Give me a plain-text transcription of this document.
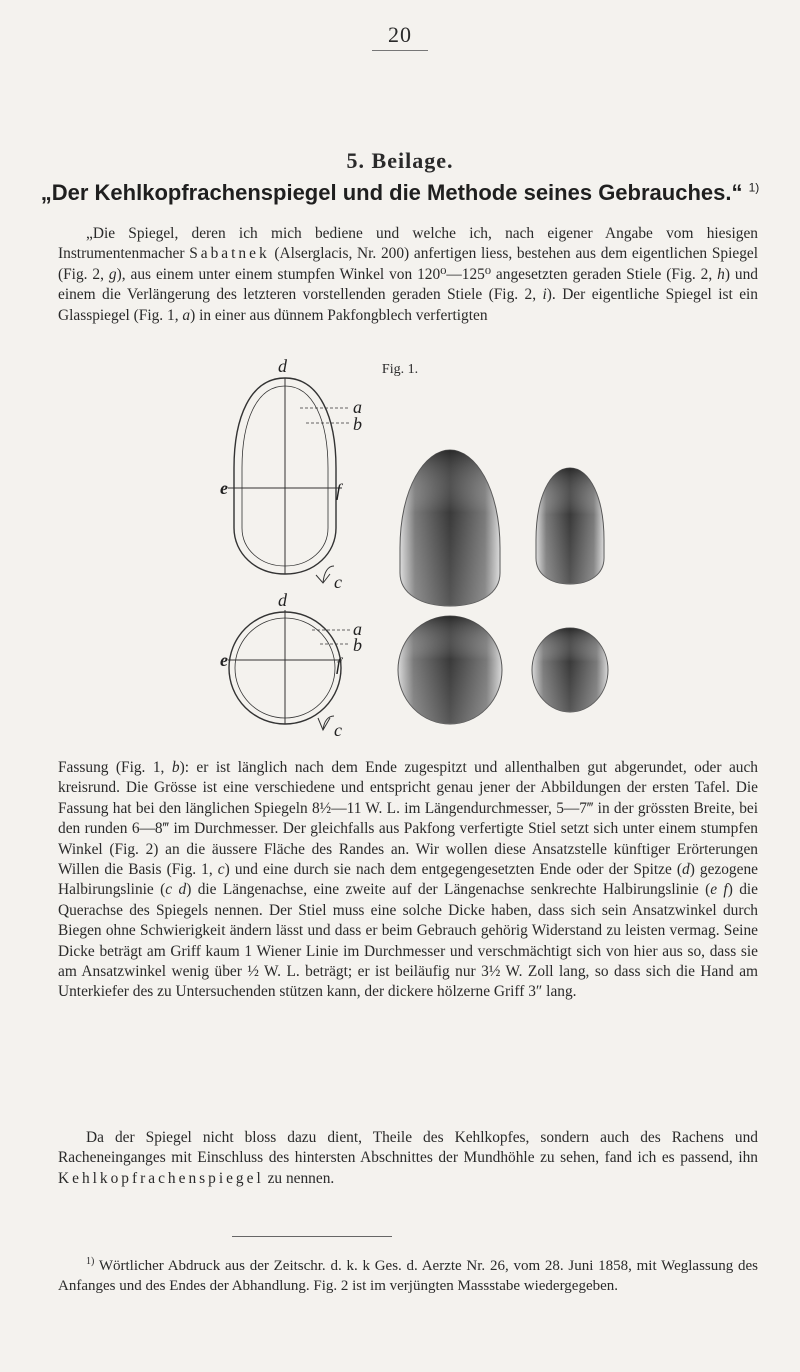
20
5. Beilage.
„Der Kehlkopfrachenspiegel und die Methode seines Gebrauches.“ $^{1)}$

„Die Spiegel, deren ich mich bediene und welche ich, nach eigener Angabe vom hiesigen Instrumentenmacher Sabatnek (Alserglacis, Nr. 200) anfertigen liess, bestehen aus dem eigentlichen Spiegel (Fig. 2, g), aus einem unter einem stumpfen Winkel von 120⁰—125⁰ angesetzten geraden Stiele (Fig. 2, h) und einem die Verlängerung des letzteren vorstellenden geraden Stiele (Fig. 2, i). Der eigentliche Spiegel ist ein Glasspiegel (Fig. 1, a) in einer aus dünnem Pakfongblech verfertigten

Fig. 1.
d
a
b
e	f
c
d
a
b
e	f
c

Fassung (Fig. 1, b): er ist länglich nach dem Ende zugespitzt und allenthalben gut abgerundet, oder auch kreisrund. Die Grösse ist eine verschiedene und entspricht genau jener der Abbildungen der ersten Tafel. Die Fassung hat bei den länglichen Spiegeln 8½—11 W. L. im Längendurchmesser, 5—7‴ in der grössten Breite, bei den runden 6—8‴ im Durchmesser. Der gleichfalls aus Pakfong verfertigte Stiel setzt sich unter einem stumpfen Winkel (Fig. 2) an die äussere Fläche des Randes an. Wir wollen diese Ansatzstelle künftiger Erörterungen Willen die Basis (Fig. 1, c) und eine durch sie nach dem entgegengesetzten Ende oder der Spitze (d) gezogene Halbirungslinie (c d) die Längenachse, eine zweite auf der Längenachse senkrechte Halbirungslinie (e f) die Querachse des Spiegels nennen. Der Stiel muss eine solche Dicke haben, dass sich sein Ansatzwinkel durch Biegen ohne Schwierigkeit ändern lässt und dass er beim Gebrauch gehörig Widerstand zu leisten vermag. Seine Dicke beträgt am Griff kaum 1 Wiener Linie im Durchmesser und verschmächtigt sich von hier aus so, dass sie am Ansatzwinkel wenig über ½ W. L. beträgt; er ist beiläufig nur 3½ W. Zoll lang, so dass sich die Hand am Unterkiefer des zu Untersuchenden stützen kann, der dickere hölzerne Griff 3″ lang.

Da der Spiegel nicht bloss dazu dient, Theile des Kehlkopfes, sondern auch des Rachens und Racheneinganges mit Einschluss des hintersten Abschnittes der Mundhöhle zu sehen, fand ich es passend, ihn Kehlkopfrachenspiegel zu nennen.

$^{1)}$ Wörtlicher Abdruck aus der Zeitschr. d. k. k Ges. d. Aerzte Nr. 26, vom 28. Juni 1858, mit Weglassung des Anfanges und des Endes der Abhandlung. Fig. 2 ist im verjüngten Massstabe wiedergegeben.
